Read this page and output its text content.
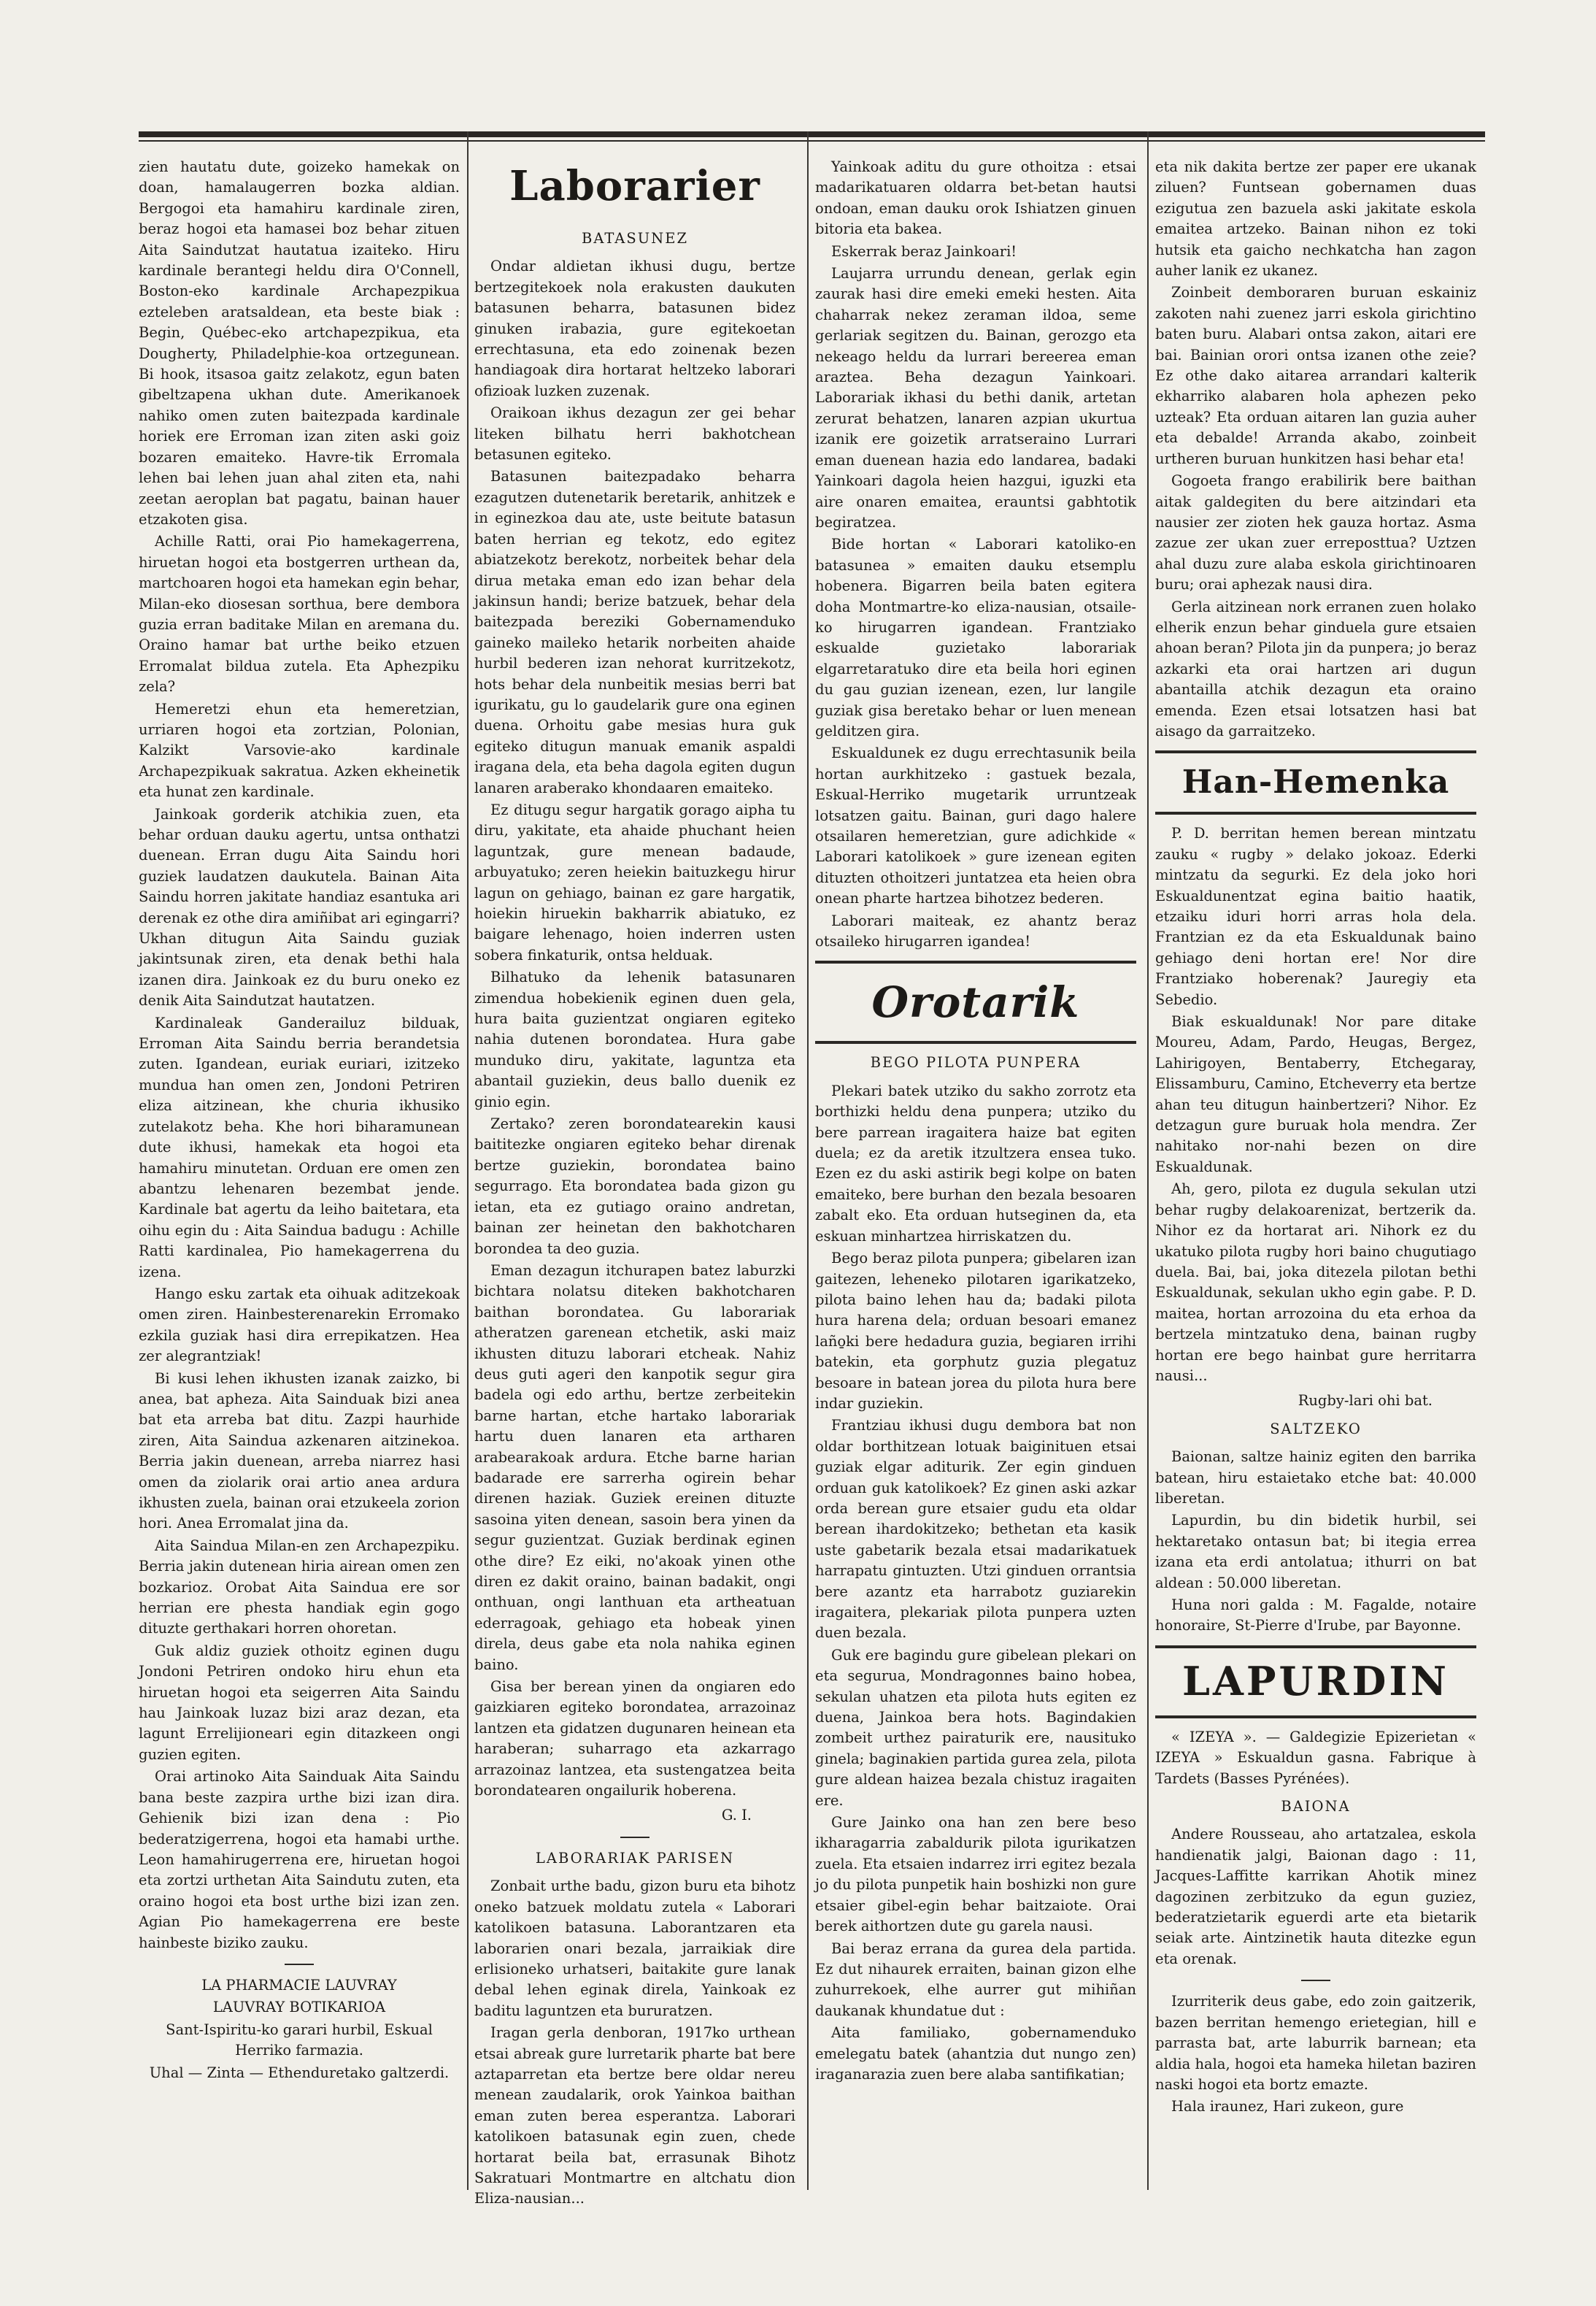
zien hautatu dute, goizeko hamekak on doan, hamalaugerren bozka aldian. Bergogoi eta hamahiru kardinale ziren, beraz hogoi eta hamasei boz behar zituen Aita Saindutzat hautatua izaiteko. Hiru kardinale berantegi heldu dira O'Connell, Boston-eko kardinale Archapezpikua ezteleben aratsaldean, eta beste biak : Begin, Québec-eko artchapezpikua, eta Dougherty, Philadelphie-koa ortzegunean. Bi hook, itsasoa gaitz zelakotz, egun baten gibeltzapena ukhan dute. Amerikanoek nahiko omen zuten baitezpada kardinale horiek ere Erroman izan ziten aski goiz bozaren emaiteko. Havre-tik Erromala lehen bai lehen juan ahal ziten eta, nahi zeetan aeroplan bat pagatu, bainan hauer etzakoten gisa.

Achille Ratti, orai Pio hamekagerrena, hiruetan hogoi eta bostgerren urthean da, martchoaren hogoi eta hamekan egin behar, Milan-eko diosesan sorthua, bere dembora guzia erran baditake Milan en aremana du. Oraino hamar bat urthe beiko etzuen Erromalat bildua zutela. Eta Aphezpiku zela?

Hemeretzi ehun eta hemeretzian, urriaren hogoi eta zortzian, Polonian, Kalzikt Varsovie-ako kardinale Archapezpikuak sakratua. Azken ekheinetik eta hunat zen kardinale.

Jainkoak gorderik atchikia zuen, eta behar orduan dauku agertu, untsa onthatzi duenean. Erran dugu Aita Saindu hori guziek laudatzen daukutela. Bainan Aita Saindu horren jakitate handiaz esantuka ari derenak ez othe dira amiñibat ari egingarri? Ukhan ditugun Aita Saindu guziak jakintsunak ziren, eta denak bethi hala izanen dira. Jainkoak ez du buru oneko ez denik Aita Saindutzat hautatzen.

Kardinaleak Ganderailuz bilduak, Erroman Aita Saindu berria berandetsia zuten. Igandean, euriak euriari, izitzeko mundua han omen zen, Jondoni Petriren eliza aitzinean, khe churia ikhusiko zutelakotz beha. Khe hori biharamunean dute ikhusi, hamekak eta hogoi eta hamahiru minutetan. Orduan ere omen zen abantzu lehenaren bezembat jende. Kardinale bat agertu da leiho baitetara, eta oihu egin du : Aita Saindua badugu : Achille Ratti kardinalea, Pio hamekagerrena du izena.

Hango esku zartak eta oihuak aditzekoak omen ziren. Hainbesterenarekin Erromako ezkila guziak hasi dira errepikatzen. Hea zer alegrantziak!

Bi kusi lehen ikhusten izanak zaizko, bi anea, bat apheza. Aita Sainduak bizi anea bat eta arreba bat ditu. Zazpi haurhide ziren, Aita Saindua azkenaren aitzinekoa. Berria jakin duenean, arreba niarrez hasi omen da ziolarik orai artio anea ardura ikhusten zuela, bainan orai etzukeela zorion hori. Anea Erromalat jina da.

Aita Saindua Milan-en zen Archapezpiku. Berria jakin dutenean hiria airean omen zen bozkarioz. Orobat Aita Saindua ere sor herrian ere phesta handiak egin gogo dituzte gerthakari horren ohoretan.

Guk aldiz guziek othoitz eginen dugu Jondoni Petriren ondoko hiru ehun eta hiruetan hogoi eta seigerren Aita Saindu hau Jainkoak luzaz bizi araz dezan, eta lagunt Errelijioneari egin ditazkeen ongi guzien egiten.

Orai artinoko Aita Sainduak Aita Saindu bana beste zazpira urthe bizi izan dira. Gehienik bizi izan dena : Pio bederatzigerrena, hogoi eta hamabi urthe. Leon hamahirugerrena ere, hiruetan hogoi eta zortzi urthetan Aita Saindutu zuten, eta oraino hogoi eta bost urthe bizi izan zen. Agian Pio hamekagerrena ere beste hainbeste biziko zauku.

LA PHARMACIE LAUVRAY

LAUVRAY BOTIKARIOA

Sant-Ispiritu-ko garari hurbil, Eskual Herriko farmazia.

Uhal — Zinta — Ethenduretako galtzerdi.

Laborarier
BATASUNEZ

Ondar aldietan ikhusi dugu, bertze bertzegitekoek nola erakusten daukuten batasunen beharra, batasunen bidez ginuken irabazia, gure egitekoetan errechtasuna, eta edo zoinenak bezen handiagoak dira hortarat heltzeko laborari ofizioak luzken zuzenak.

Oraikoan ikhus dezagun zer gei behar liteken bilhatu herri bakhotchean betasunen egiteko.

Batasunen baitezpadako beharra ezagutzen dutenetarik beretarik, anhitzek e in eginezkoa dau ate, uste beitute batasun baten herrian eg tekotz, edo egitez abiatzekotz berekotz, norbeitek behar dela dirua metaka eman edo izan behar dela jakinsun handi; berize batzuek, behar dela baitezpada bereziki Gobernamenduko gaineko maileko hetarik norbeiten ahaide hurbil bederen izan nehorat kurritzekotz, hots behar dela nunbeitik mesias berri bat igurikatu, gu lo gaudelarik gure ona eginen duena. Orhoitu gabe mesias hura guk egiteko ditugun manuak emanik aspaldi iragana dela, eta beha dagola egiten dugun lanaren araberako khondaaren emaiteko.

Ez ditugu segur hargatik gorago aipha tu diru, yakitate, eta ahaide phuchant heien laguntzak, gure menean badaude, arbuyatuko; zeren heiekin baituzkegu hirur lagun on gehiago, bainan ez gare hargatik, hoiekin hiruekin bakharrik abiatuko, ez baigare lehenago, hoien inderren usten sobera finkaturik, ontsa helduak.

Bilhatuko da lehenik batasunaren zimendua hobekienik eginen duen gela, hura baita guzientzat ongiaren egiteko nahia dutenen borondatea. Hura gabe munduko diru, yakitate, laguntza eta abantail guziekin, deus ballo duenik ez ginio egin.

Zertako? zeren borondatearekin kausi baititezke ongiaren egiteko behar direnak bertze guziekin, borondatea baino segurrago. Eta borondatea bada gizon gu ietan, eta ez gutiago oraino andretan, bainan zer heinetan den bakhotcharen borondea ta deo guzia.

Eman dezagun itchurapen batez laburzki bichtara nolatsu diteken bakhotcharen baithan borondatea. Gu laborariak atheratzen garenean etchetik, aski maiz ikhusten dituzu laborari etcheak. Nahiz deus guti ageri den kanpotik segur gira badela ogi edo arthu, bertze zerbeitekin barne hartan, etche hartako laborariak hartu duen lanaren eta artharen arabearakoak ardura. Etche barne harian badarade ere sarrerha ogirein behar direnen haziak. Guziek ereinen dituzte sasoina yiten denean, sasoin bera yinen da segur guzientzat. Guziak berdinak eginen othe dire? Ez eiki, no'akoak yinen othe diren ez dakit oraino, bainan badakit, ongi onthuan, ongi lanthuan eta artheatuan ederragoak, gehiago eta hobeak yinen direla, deus gabe eta nola nahika eginen baino.

Gisa ber berean yinen da ongiaren edo gaizkiaren egiteko borondatea, arrazoinaz lantzen eta gidatzen dugunaren heinean eta haraberan; suharrago eta azkarrago arrazoinaz lantzea, eta sustengatzea beita borondatearen ongailurik hoberena.

G. I.
LABORARIAK PARISEN

Zonbait urthe badu, gizon buru eta bihotz oneko batzuek moldatu zutela « Laborari katolikoen batasuna. Laborantzaren eta laborarien onari bezala, jarraikiak dire erlisioneko urhatseri, baitakite gure lanak debal lehen eginak direla, Yainkoak ez baditu laguntzen eta bururatzen.

Iragan gerla denboran, 1917ko urthean etsai abreak gure lurretarik pharte bat bere aztaparretan eta bertze bere oldar nereu menean zaudalarik, orok Yainkoa baithan eman zuten berea esperantza. Laborari katolikoen batasunak egin zuen, chede hortarat beila bat, errasunak Bihotz Sakratuari Montmartre en altchatu dion Eliza-nausian...

Yainkoak aditu du gure othoitza : etsai madarikatuaren oldarra bet-betan hautsi ondoan, eman dauku orok Ishiatzen ginuen bitoria eta bakea.

Eskerrak beraz Jainkoari!

Laujarra urrundu denean, gerlak egin zaurak hasi dire emeki emeki hesten. Aita chaharrak nekez zeraman ildoa, seme gerlariak segitzen du. Bainan, gerozgo eta nekeago heldu da lurrari bereerea eman arazteа. Beha dezagun Yainkoari. Laborariak ikhasi du bethi danik, artetan zerurat behatzen, lanaren azpian ukurtua izanik ere goizetik arratseraino Lurrari eman duenean hazia edo landarea, badaki Yainkoari dagola heien hazgui, iguzki eta aire onaren emaitea, erauntsi gabhtotik begiratzea.

Bide hortan « Laborari katoliko-en batasunea » emaiten dauku etsemplu hobenera. Bigarren beila baten egitera doha Montmartre-ko eliza-nausian, otsaile-ko hirugarren igandean. Frantziako eskualde guzietako laborariak elgarretaratuko dire eta beila hori eginen du gau guzian izenean, ezen, lur langile guziak gisa beretako behar or luen menean gelditzen gira.

Eskualdunek ez dugu errechtasunik beila hortan aurkhitzeko : gastuek bezala, Eskual-Herriko mugetarik urruntzeak lotsatzen gaitu. Bainan, guri dago halere otsailaren hemeretzian, gure adichkide « Laborari katolikoek » gure izenean egiten dituzten othoitzeri juntatzea eta heien obra onean pharte hartzea bihotzez bederen.

Laborari maiteak, ez ahantz beraz otsaileko hirugarren igandea!

Orotarik
BEGO PILOTA PUNPERA

Plekari batek utziko du sakho zorrotz eta borthizki heldu dena punpera; utziko du bere parrean iragaitera haize bat egiten duela; ez da aretik itzultzera ensea tuko. Ezen ez du aski astirik begi kolpe on baten emaiteko, bere burhan den bezala besoaren zabalt eko. Eta orduan hutseginen da, eta eskuan minhartzea hirriskatzen du.

Bego beraz pilota punpera; gibelaren izan gaitezen, leheneko pilotaren igarikatzeko, pilota baino lehen hau da; badaki pilota hura harena dela; orduan besoari emanez laño̱ki bere hedadura guzia, begiaren irrihi batekin, eta gorphutz guzia plegatuz besoare in batean jorea du pilota hura bere indar guziekin.

Frantziau ikhusi dugu dembora bat non oldar borthitzean lotuak baiginituen etsai guziak elgar aditurik. Zer egin ginduen orduan guk katolikoek? Ez ginen aski azkar orda berean gure etsaier gudu eta oldar berean ihardokitzeko; bethetan eta kasik uste gabetarik bezala etsai madarikatuek harrapatu gintuzten. Utzi ginduen orrantsia bere azantz eta harrabotz guziarekin iragaitera, plekariak pilota punpera uzten duen bezala.

Guk ere bagindu gure gibelean plekari on eta segurua, Mondragonnes baino hobea, sekulan uhatzen eta pilota huts egiten ez duena, Jainkoa bera hots. Bagindakien zombeit urthez pairaturik ere, nausituko ginela; baginakien partida gurea zela, pilota gure aldean haizea bezala chistuz iragaiten ere.

Gure Jainko ona han zen bere beso ikharagarriа zabaldurik pilota igurikatzen zuela. Eta etsaien indarrez irri egitez bezala jo du pilota punpetik hain boshizki non gure etsaier gibel-egin behar baitzaiote. Orai berek aithortzen dute gu garela nausi.

Bai beraz errana da gurea dela partida. Ez dut nihaurek erraiten, bainan gizon elhe zuhurrekoek, elhe aurrer gut mihiñan daukanak khundatue dut :

Aita familiako, gobernamenduko emelegatu batek (ahantzia dut nungo zen) iraganaraziа zuen bere alaba santifikatian;

eta nik dakita bertze zer paper ere ukanak ziluen? Funtsean gobernamen duas ezigutua zen bazuela aski jakitate eskola emaitea artzeko. Bainan nihon ez toki hutsik eta gaicho nechkatcha han zagon auher lanik ez ukanez.

Zoinbeit demboraren buruan eskainiz zakoten nahi zuenez jarri eskola girichtino baten buru. Alabari ontsa zakon, aitari ere bai. Bainian orori ontsa izanen othe zeie? Ez othe dako aitarea arrandari kalterik ekharriko alabaren hola aphezen peko uzteak? Eta orduan aitaren lan guzia auher eta debalde! Arranda akabo, zoinbeit urtheren buruan hunkitzen hasi behar eta!

Gogoeta frango erabilirik bere baithan aitak galdegiten du bere aitzindari eta nausier zer zioten hek gauza hortaz. Asma zazue zer ukan zuer erreposttua? Uztzen ahal duzu zure alaba eskola girichtinoaren buru; orai aphezak nausi dira.

Gerla aitzinean nork erranen zuen holako elherik enzun behar ginduela gure etsaien ahoan beran? Pilota jin da punpera; jo beraz azkarki eta orai hartzen ari dugun abantailla atchik dezagun eta oraino emenda. Ezen etsai lotsatzen hasi bat aisago da garraitzeko.

Han-Hemenka

P. D. berritan hemen berean mintzatu zauku « rugby » delako jokoaz. Ederki mintzatu da segurki. Ez dela joko hori Eskualdunentzat egina baitio haatik, etzaiku iduri horri arras hola dela. Frantzian ez da eta Eskualdunak baino gehiago deni hortan ere! Nor dire Frantziako hoberenak? Jauregiy eta Sebedio.

Biak eskualdunak! Nor pare ditake Moureu, Adam, Pardo, Heugas, Bergez, Lahirigoyen, Bentaberry, Etchegaray, Elissamburu, Camino, Etcheverry eta bertze ahan teu ditugun hainbertzeri? Nihor. Ez detzagun gure buruak hola mendra. Zer nahitako nor-nahi bezen on dire Eskualdunak.

Ah, gero, pilota ez dugula sekulan utzi behar rugby delakoarenizat, bertzerik da. Nihor ez da hortarat ari. Nihork ez du ukatuko pilota rugby hori baino chugutiago duela. Bai, bai, joka ditezela pilotan bethi Eskualdunak, sekulan ukho egin gabe. P. D. maitea, hortan arrozoina du eta erhoa da bertzela mintzatuko dena, bainan rugby hortan ere bego hainbat gure herritarra nausi...

Rugby-lari ohi bat.
SALTZEKO

Baionan, saltze hainiz egiten den barrika batean, hiru estaietako etche bat: 40.000 liberetan.

Lapurdin, bu din bidetik hurbil, sei hektaretako ontasun bat; bi itegia errea izana eta erdi antolatua; ithurri on bat aldean : 50.000 liberetan.

Huna nori galda : M. Fagalde, notaire honoraire, St-Pierre d'Irube, par Bayonne.

LAPURDIN

« IZEYA ». — Galdegizie Epizerietan « IZEYA » Eskualdun gasna. Fabrique à Tardets (Basses Pyrénées).

BAIONA

Andere Rousseau, aho artatzalea, eskola handienatik jalgi, Baionan dago : 11, Jacques-Laffitte karrikan Ahotik minez dagozinen zerbitzuko da egun guziez, bederatzietarik eguerdi arte eta bietarik seiak arte. Aintzinetik hauta ditezke egun eta orenak.

Izurriterik deus gabe, edo zoin gaitzerik, bazen berritan hemengo erietegian, hill e parrasta bat, arte laburrik barnean; eta aldia hala, hogoi eta hameka hiletan baziren naski hogoi eta bortz emazte.

Hala iraunez, Hari zukeon, gure
